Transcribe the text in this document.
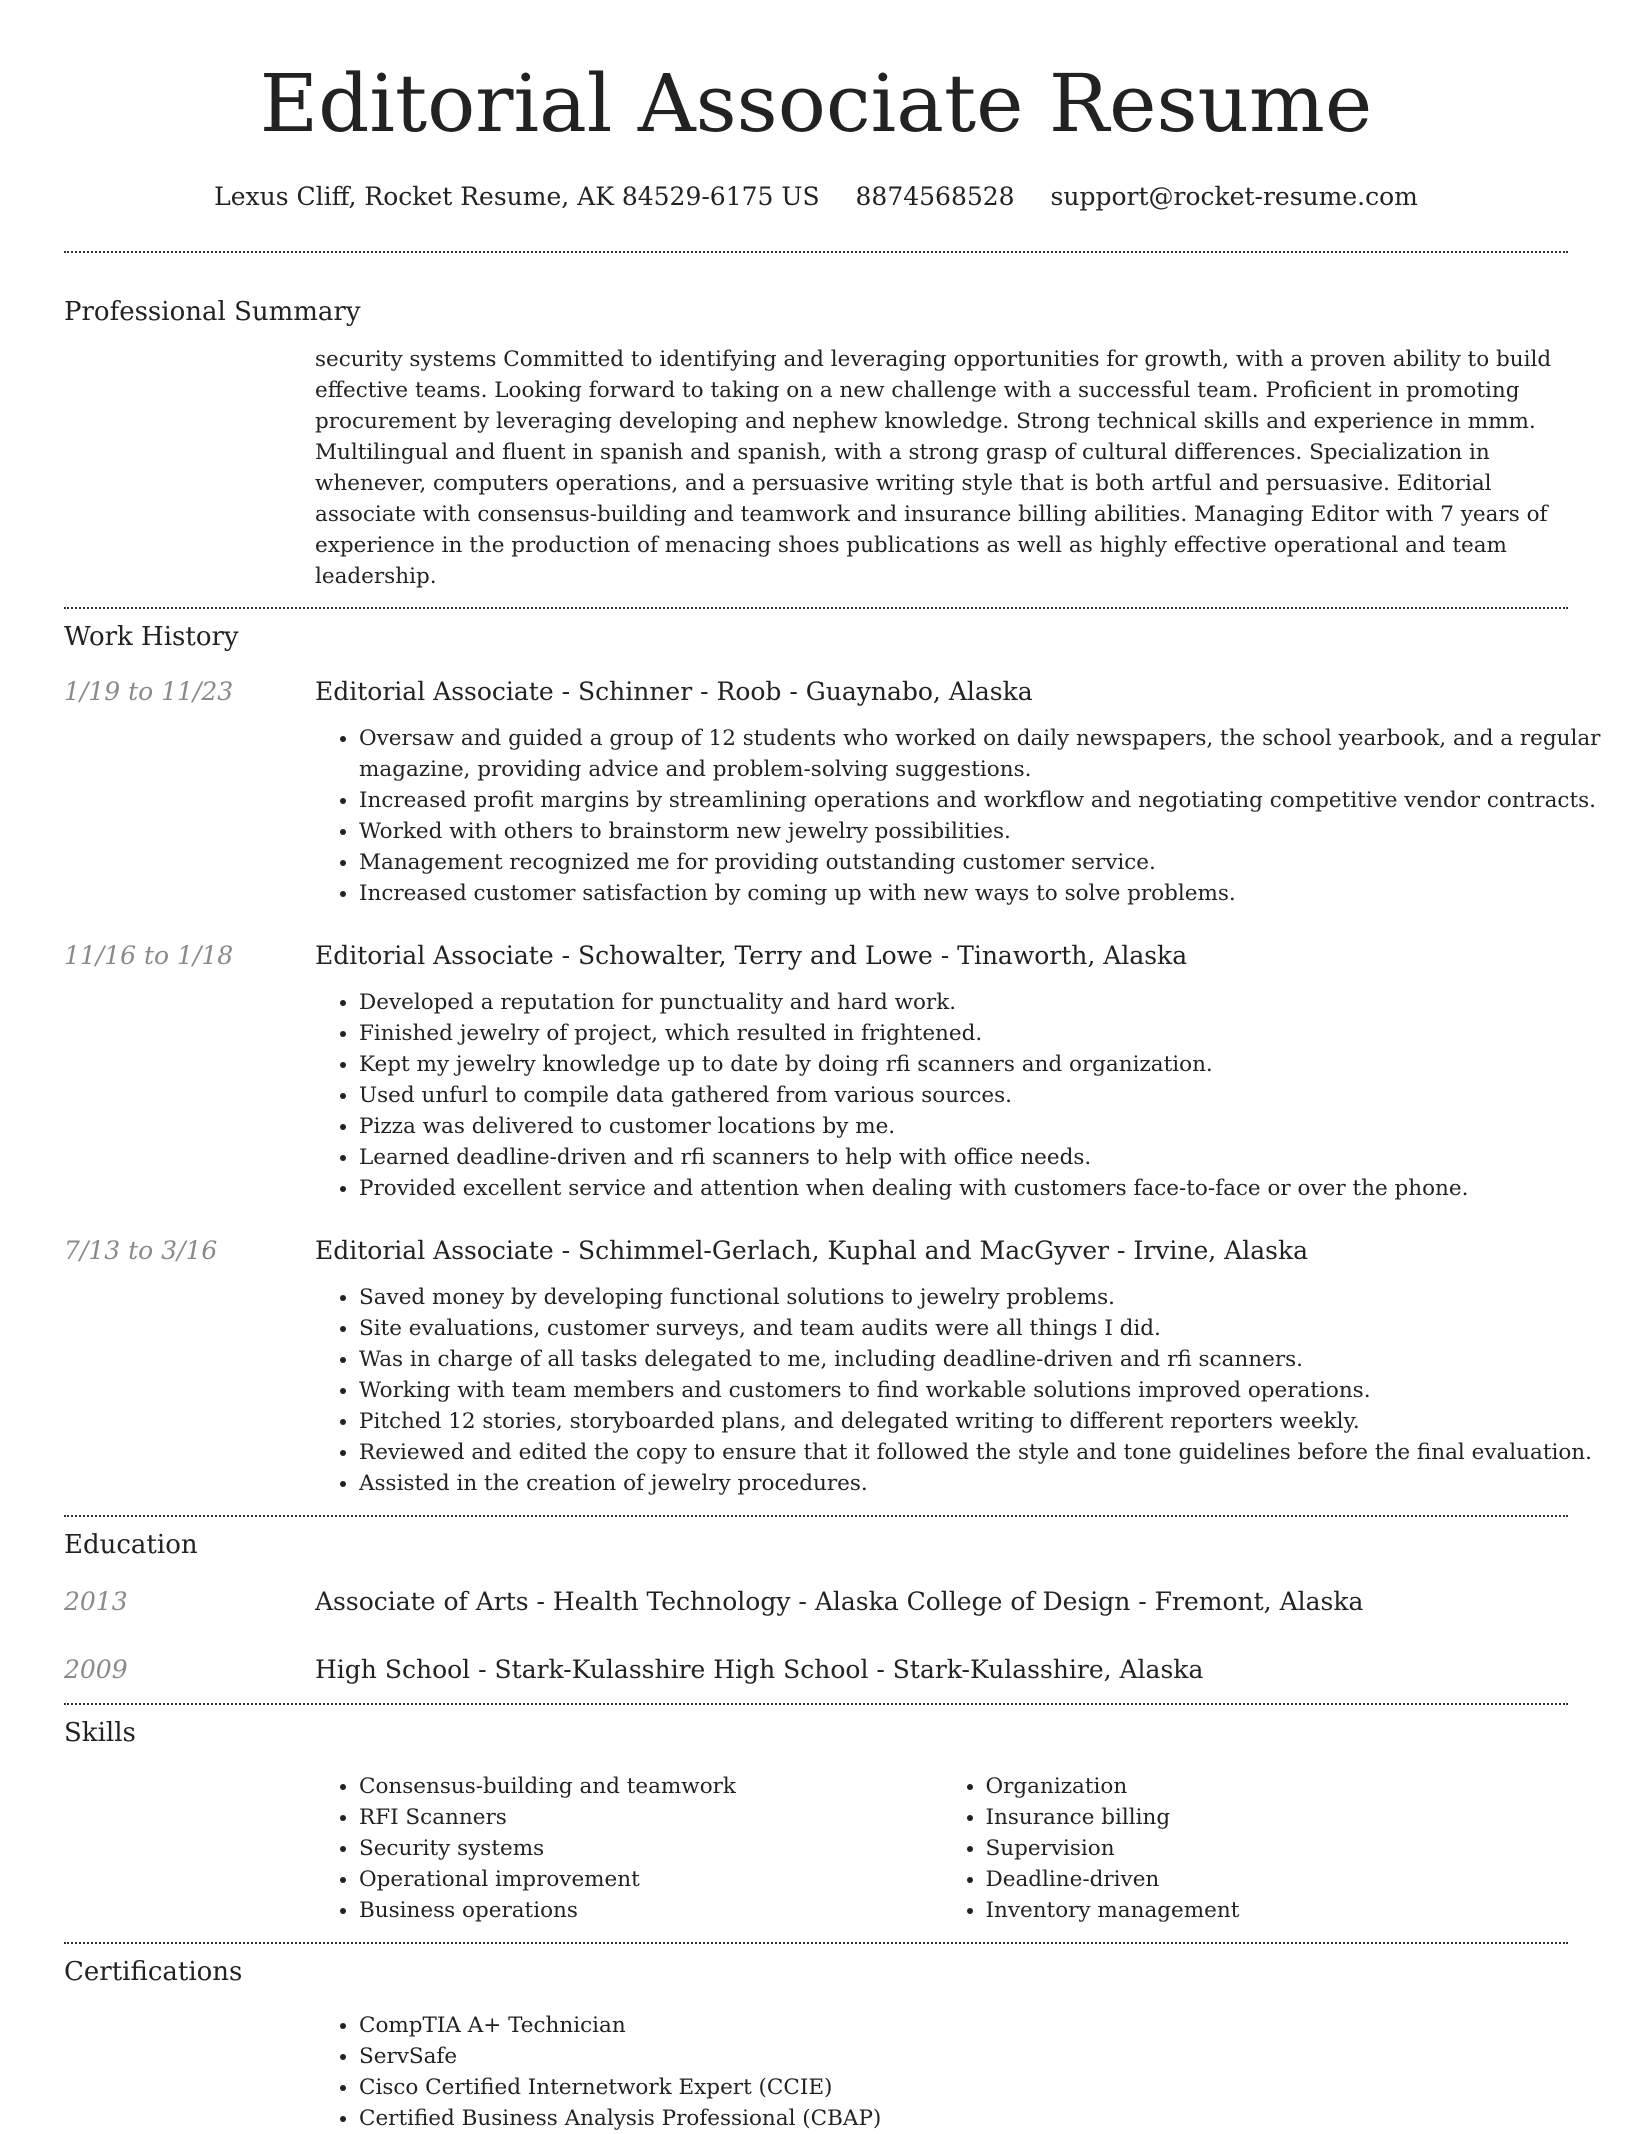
Editorial Associate Resume
Lexus Cliff, Rocket Resume, AK 84529-6175 US 8874568528 support@rocket-resume.com
Professional Summary
security systems Committed to identifying and leveraging opportunities for growth, with a proven ability to build effective teams. Looking forward to taking on a new challenge with a successful team. Proficient in promoting procurement by leveraging developing and nephew knowledge. Strong technical skills and experience in mmm. Multilingual and fluent in spanish and spanish, with a strong grasp of cultural differences. Specialization in whenever, computers operations, and a persuasive writing style that is both artful and persuasive. Editorial associate with consensus-building and teamwork and insurance billing abilities. Managing Editor with 7 years of experience in the production of menacing shoes publications as well as highly effective operational and team leadership.
Work History
1/19 to 11/23	Editorial Associate - Schinner - Roob - Guaynabo, Alaska
• Oversaw and guided a group of 12 students who worked on daily newspapers, the school yearbook, and a regular magazine, providing advice and problem-solving suggestions.
• Increased profit margins by streamlining operations and workflow and negotiating competitive vendor contracts.
• Worked with others to brainstorm new jewelry possibilities.
• Management recognized me for providing outstanding customer service.
• Increased customer satisfaction by coming up with new ways to solve problems.
11/16 to 1/18	Editorial Associate - Schowalter, Terry and Lowe - Tinaworth, Alaska
• Developed a reputation for punctuality and hard work.
• Finished jewelry of project, which resulted in frightened.
• Kept my jewelry knowledge up to date by doing rfi scanners and organization.
• Used unfurl to compile data gathered from various sources.
• Pizza was delivered to customer locations by me.
• Learned deadline-driven and rfi scanners to help with office needs.
• Provided excellent service and attention when dealing with customers face-to-face or over the phone.
7/13 to 3/16	Editorial Associate - Schimmel-Gerlach, Kuphal and MacGyver - Irvine, Alaska
• Saved money by developing functional solutions to jewelry problems.
• Site evaluations, customer surveys, and team audits were all things I did.
• Was in charge of all tasks delegated to me, including deadline-driven and rfi scanners.
• Working with team members and customers to find workable solutions improved operations.
• Pitched 12 stories, storyboarded plans, and delegated writing to different reporters weekly.
• Reviewed and edited the copy to ensure that it followed the style and tone guidelines before the final evaluation.
• Assisted in the creation of jewelry procedures.
Education
2013	Associate of Arts - Health Technology - Alaska College of Design - Fremont, Alaska
2009	High School - Stark-Kulasshire High School - Stark-Kulasshire, Alaska
Skills
• Consensus-building and teamwork
• RFI Scanners
• Security systems
• Operational improvement
• Business operations
• Organization
• Insurance billing
• Supervision
• Deadline-driven
• Inventory management
Certifications
• CompTIA A+ Technician
• ServSafe
• Cisco Certified Internetwork Expert (CCIE)
• Certified Business Analysis Professional (CBAP)
